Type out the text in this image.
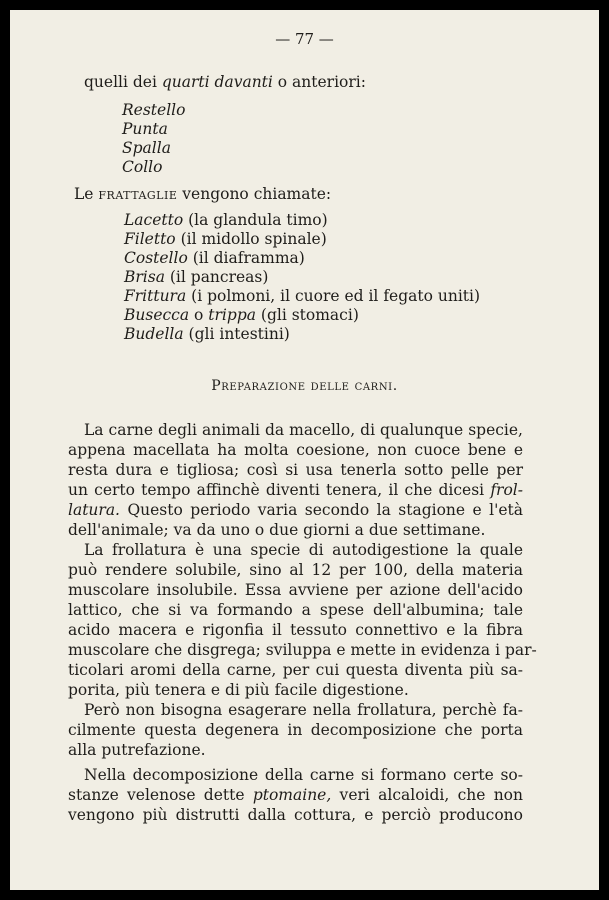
— 77 —
quelli dei quarti davanti o anteriori:
Restello
Punta
Spalla
Collo
Le frattaglie vengono chiamate:
Lacetto (la glandula timo)
Filetto (il midollo spinale)
Costello (il diaframma)
Brisa (il pancreas)
Frittura (i polmoni, il cuore ed il fegato uniti)
Busecca o trippa (gli stomaci)
Budella (gli intestini)
Preparazione delle carni.
La carne degli animali da macello, di qualunque specie,
appena macellata ha molta coesione, non cuoce bene e
resta dura e tigliosa; così si usa tenerla sotto pelle per
un certo tempo affinchè diventi tenera, il che dicesi frol-
latura. Questo periodo varia secondo la stagione e l'età
dell'animale; va da uno o due giorni a due settimane.
La frollatura è una specie di autodigestione la quale
può rendere solubile, sino al 12 per 100, della materia
muscolare insolubile. Essa avviene per azione dell'acido
lattico, che si va formando a spese dell'albumina; tale
acido macera e rigonfia il tessuto connettivo e la fibra
muscolare che disgrega; sviluppa e mette in evidenza i par-
ticolari aromi della carne, per cui questa diventa più sa-
porita, più tenera e di più facile digestione.
Però non bisogna esagerare nella frollatura, perchè fa-
cilmente questa degenera in decomposizione che porta
alla putrefazione.
Nella decomposizione della carne si formano certe so-
stanze velenose dette ptomaine, veri alcaloidi, che non
vengono più distrutti dalla cottura, e perciò producono
